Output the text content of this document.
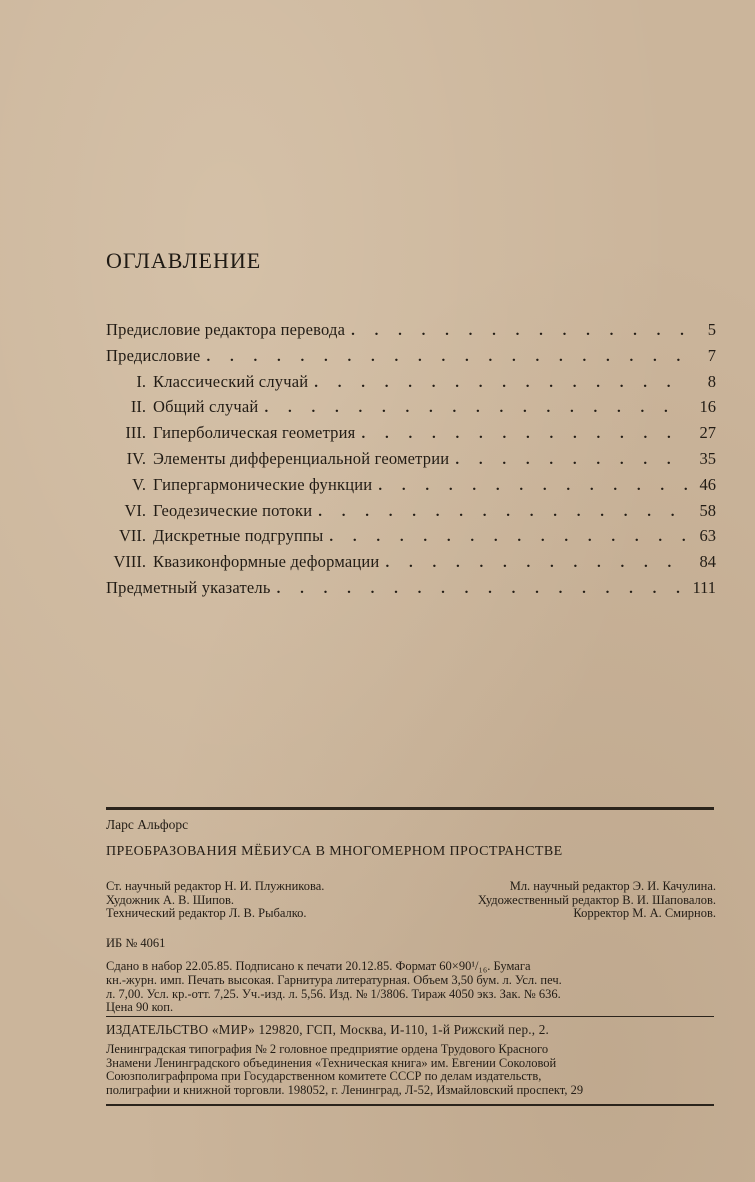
ОГЛАВЛЕНИЕ
Предисловие редактора перевода . . .	5
Предисловие . . .	7
I. Классический случай . . .	8
II. Общий случай . . .	16
III. Гиперболическая геометрия . . .	27
IV. Элементы дифференциальной геометрии . . .	35
V. Гипергармонические функции . . .	46
VI. Геодезические потоки . . .	58
VII. Дискретные подгруппы . . .	63
VIII. Квазиконформные деформации . . .	84
Предметный указатель . . .	111
Ларс Альфорс
ПРЕОБРАЗОВАНИЯ МЁБИУСА В МНОГОМЕРНОМ ПРОСТРАНСТВЕ
Ст. научный редактор Н. И. Плужникова.	Мл. научный редактор Э. И. Качулина.
Художник А. В. Шипов.	Художественный редактор В. И. Шаповалов.
Технический редактор Л. В. Рыбалко.	Корректор М. А. Смирнов.
ИБ № 4061
Сдано в набор 22.05.85. Подписано к печати 20.12.85. Формат 60×90¹/₁₆. Бумага
кн.-журн. имп. Печать высокая. Гарнитура литературная. Объем 3,50 бум. л. Усл. печ.
л. 7,00. Усл. кр.-отт. 7,25. Уч.-изд. л. 5,56. Изд. № 1/3806. Тираж 4050 экз. Зак. № 636.
Цена 90 коп.
ИЗДАТЕЛЬСТВО «МИР» 129820, ГСП, Москва, И-110, 1-й Рижский пер., 2.
Ленинградская типография № 2 головное предприятие ордена Трудового Красного
Знамени Ленинградского объединения «Техническая книга» им. Евгении Соколовой
Союзполиграфпрома при Государственном комитете СССР по делам издательств,
полиграфии и книжной торговли. 198052, г. Ленинград, Л-52, Измайловский проспект, 29
